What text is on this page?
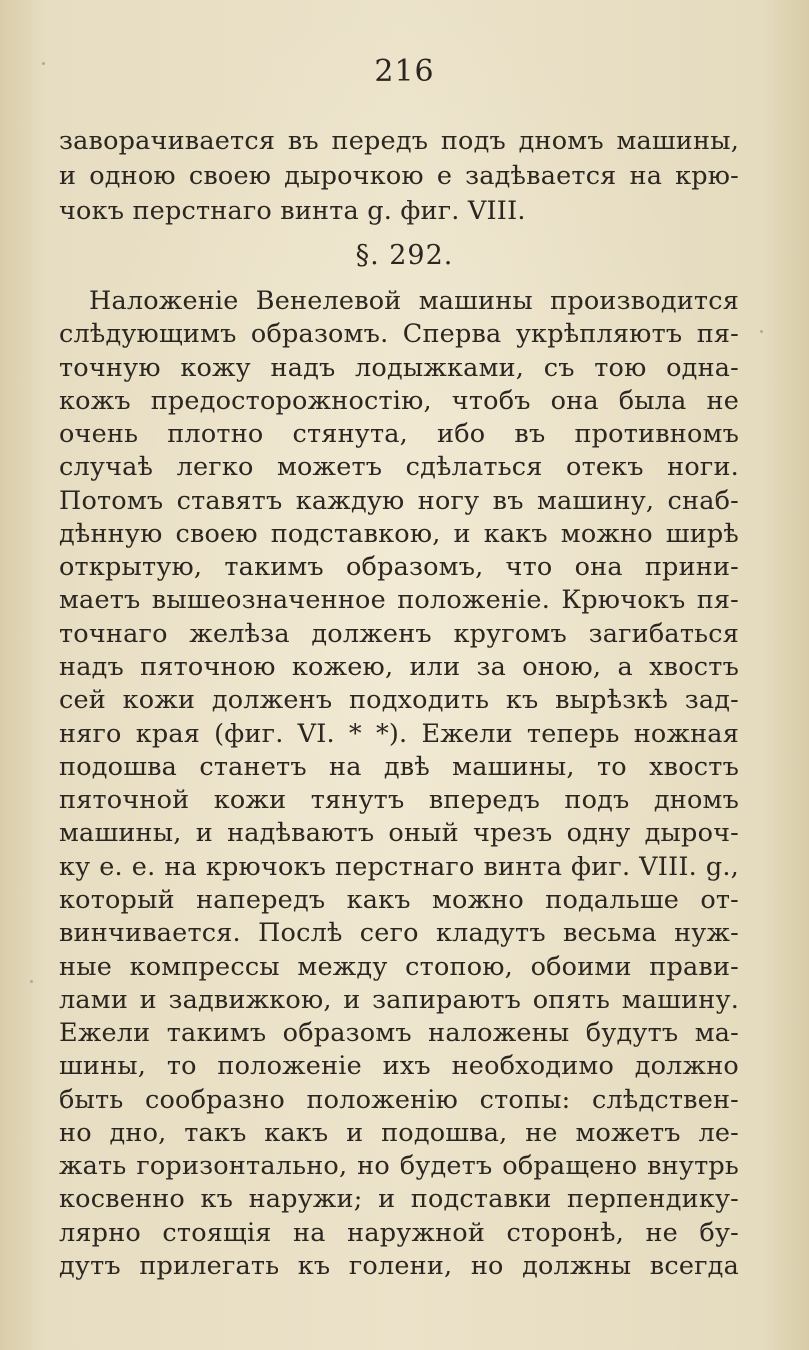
216
заворачивается въ передъ подъ дномъ машины,
и одною своею дырочкою е задѣвается на крю-
чокъ перстнаго винта g. фиг. VIII.
§. 292.
Наложеніе Венелевой машины производится
слѣдующимъ образомъ. Сперва укрѣпляютъ пя-
точную кожу надъ лодыжками, съ тою одна-
кожъ предосторожностію, чтобъ она была не
очень плотно стянута, ибо въ противномъ
случаѣ легко можетъ сдѣлаться отекъ ноги.
Потомъ ставятъ каждую ногу въ машину, снаб-
дѣнную своею подставкою, и какъ можно ширѣ
открытую, такимъ образомъ, что она прини-
маетъ вышеозначенное положеніе. Крючокъ пя-
точнаго желѣза долженъ кругомъ загибаться
надъ пяточною кожею, или за оною, а хвостъ
сей кожи долженъ подходить къ вырѣзкѣ зад-
няго края (фиг. VI. * *). Ежели теперь ножная
подошва станетъ на двѣ машины, то хвостъ
пяточной кожи тянутъ впередъ подъ дномъ
машины, и надѣваютъ оный чрезъ одну дыроч-
ку е. е. на крючокъ перстнаго винта фиг. VIII. g.,
который напередъ какъ можно подальше от-
винчивается. Послѣ сего кладутъ весьма нуж-
ные компрессы между стопою, обоими прави-
лами и задвижкою, и запираютъ опять машину.
Ежели такимъ образомъ наложены будутъ ма-
шины, то положеніе ихъ необходимо должно
быть сообразно положенію стопы: слѣдствен-
но дно, такъ какъ и подошва, не можетъ ле-
жать горизонтально, но будетъ обращено внутрь
косвенно къ наружи; и подставки перпендику-
лярно стоящія на наружной сторонѣ, не бу-
дутъ прилегать къ голени, но должны всегда
